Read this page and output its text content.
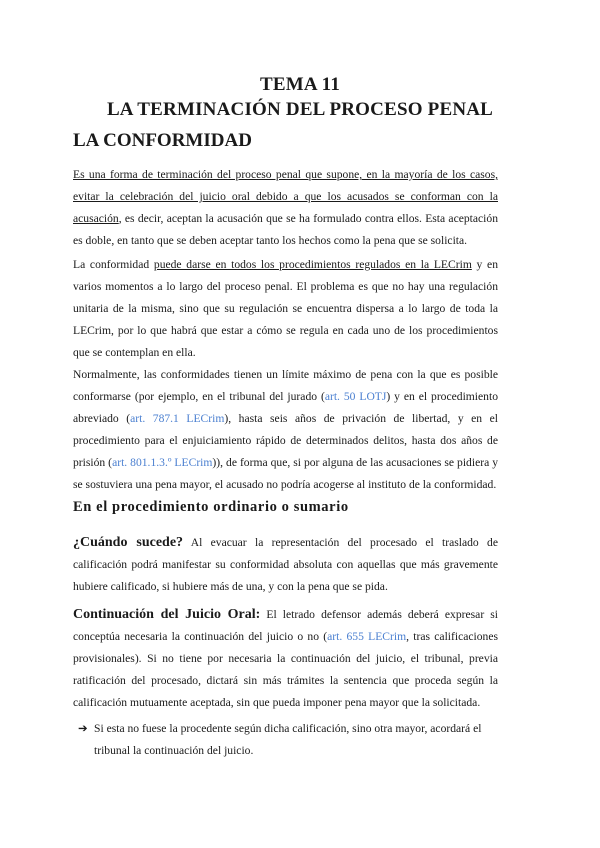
TEMA 11
LA TERMINACIÓN DEL PROCESO PENAL
LA CONFORMIDAD

Es una forma de terminación del proceso penal que supone, en la mayoría de los casos, evitar la celebración del juicio oral debido a que los acusados se conforman con la acusación, es decir, aceptan la acusación que se ha formulado contra ellos. Esta aceptación es doble, en tanto que se deben aceptar tanto los hechos como la pena que se solicita.

La conformidad puede darse en todos los procedimientos regulados en la LECrim y en varios momentos a lo largo del proceso penal. El problema es que no hay una regulación unitaria de la misma, sino que su regulación se encuentra dispersa a lo largo de toda la LECrim, por lo que habrá que estar a cómo se regula en cada uno de los procedimientos que se contemplan en ella.

Normalmente, las conformidades tienen un límite máximo de pena con la que es posible conformarse (por ejemplo, en el tribunal del jurado (art. 50 LOTJ) y en el procedimiento abreviado (art. 787.1 LECrim), hasta seis años de privación de libertad, y en el procedimiento para el enjuiciamiento rápido de determinados delitos, hasta dos años de prisión (art. 801.1.3.º LECrim)), de forma que, si por alguna de las acusaciones se pidiera y se sostuviera una pena mayor, el acusado no podría acogerse al instituto de la conformidad.

En el procedimiento ordinario o sumario

¿Cuándo sucede? Al evacuar la representación del procesado el traslado de calificación podrá manifestar su conformidad absoluta con aquellas que más gravemente hubiere calificado, si hubiere más de una, y con la pena que se pida.

Continuación del Juicio Oral: El letrado defensor además deberá expresar si conceptúa necesaria la continuación del juicio o no (art. 655 LECrim, tras calificaciones provisionales). Si no tiene por necesaria la continuación del juicio, el tribunal, previa ratificación del procesado, dictará sin más trámites la sentencia que proceda según la calificación mutuamente aceptada, sin que pueda imponer pena mayor que la solicitada.

➔ Si esta no fuese la procedente según dicha calificación, sino otra mayor, acordará el tribunal la continuación del juicio.
